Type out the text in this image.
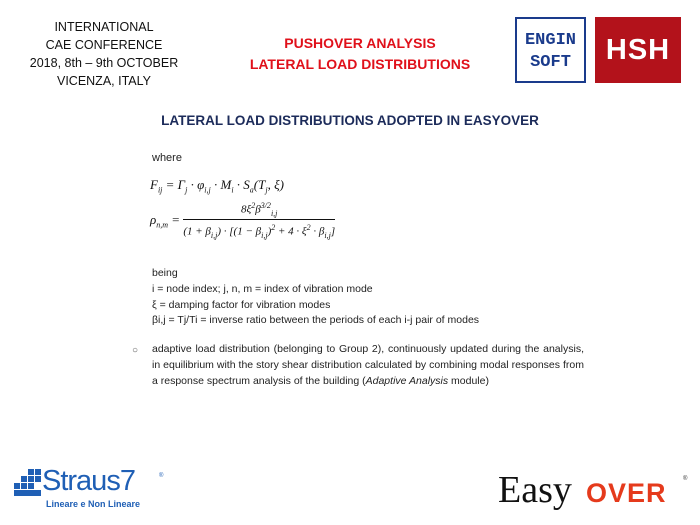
INTERNATIONAL
CAE CONFERENCE
2018, 8th – 9th OCTOBER
VICENZA, ITALY
PUSHOVER ANALYSIS
LATERAL LOAD DISTRIBUTIONS
ENGIN
SOFT	HSH
LATERAL LOAD DISTRIBUTIONS ADOPTED IN EASYOVER
where
$F_{ij} = \Gamma_j \cdot \varphi_{i,j} \cdot M_i \cdot S_a(T_j$, ξ)
$\rho_{n,m} = \frac{8\xi^2\beta^{3/2}_{i,j}}{(1 + \beta_{i,j}) \cdot [(1 - \beta_{i,j})^2 + 4 \cdot \xi^2 \cdot \beta_{i,j}]}$
being
i = node index; j, n, m = index of vibration mode
ξ = damping factor for vibration modes
βi,j = Tj/Ti = inverse ratio between the periods of each i-j pair of modes
○ adaptive load distribution (belonging to Group 2), continuously updated during the analysis, in equilibrium with the story shear distribution calculated by combining modal responses from a response spectrum analysis of the building (Adaptive Analysis module)
Straus7	®
Lineare e Non Lineare	Easy OVER	®
